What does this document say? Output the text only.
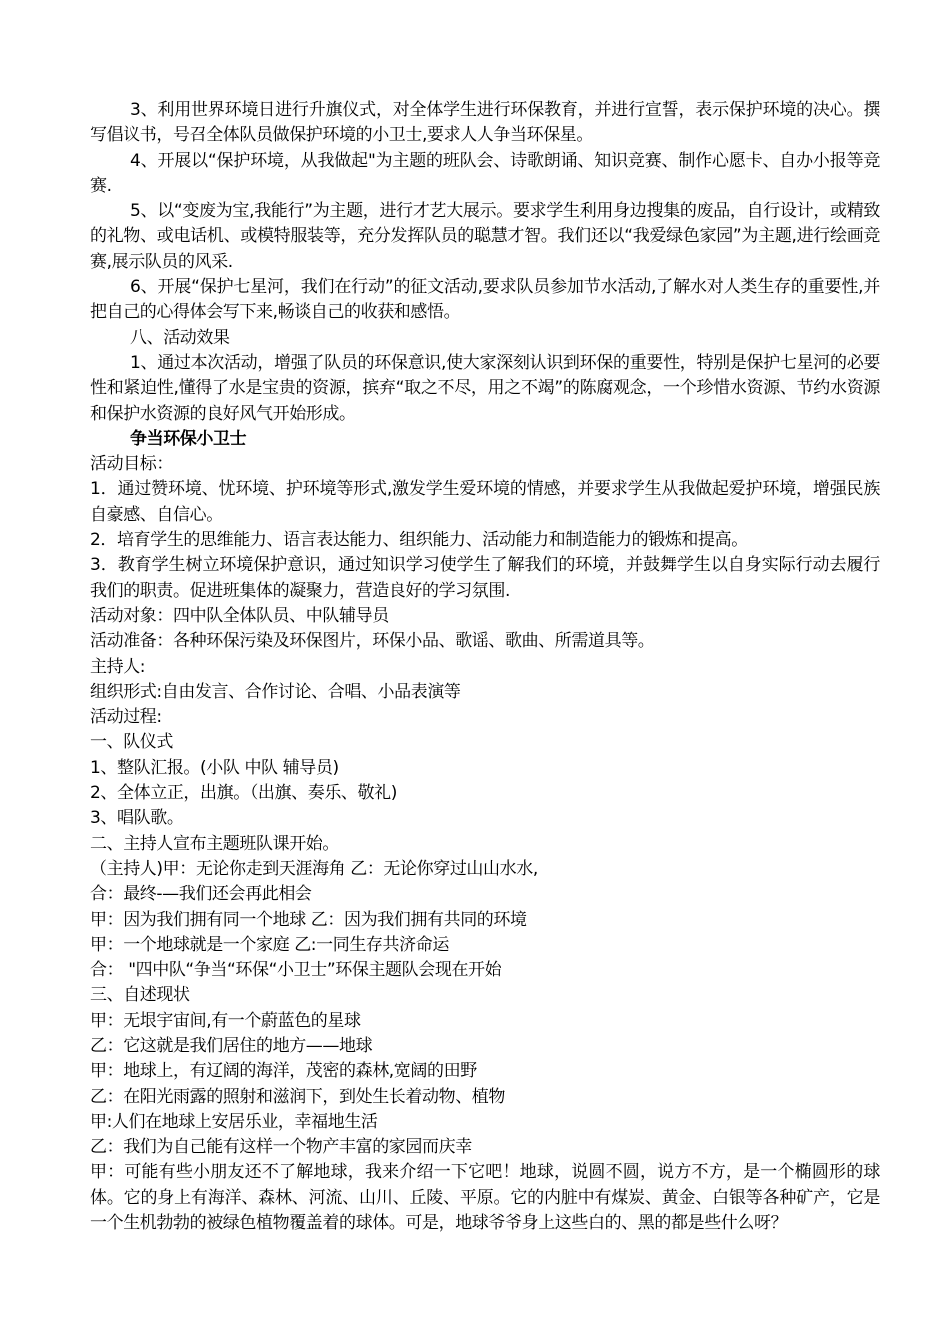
3、利用世界环境日进行升旗仪式，对全体学生进行环保教育，并进行宣誓，表示保护环境的决心。撰写倡议书，号召全体队员做保护环境的小卫士,要求人人争当环保星。

4、开展以“保护环境，从我做起"为主题的班队会、诗歌朗诵、知识竞赛、制作心愿卡、自办小报等竞赛.

5、以“变废为宝,我能行”为主题，进行才艺大展示。要求学生利用身边搜集的废品，自行设计，或精致的礼物、或电话机、或模特服装等，充分发挥队员的聪慧才智。我们还以“我爱绿色家园”为主题,进行绘画竞赛,展示队员的风采.

6、开展“保护七星河，我们在行动”的征文活动,要求队员参加节水活动,了解水对人类生存的重要性,并把自己的心得体会写下来,畅谈自己的收获和感悟。

八、活动效果

1、通过本次活动，增强了队员的环保意识,使大家深刻认识到环保的重要性，特别是保护七星河的必要性和紧迫性,懂得了水是宝贵的资源，摈弃“取之不尽，用之不竭”的陈腐观念，一个珍惜水资源、节约水资源和保护水资源的良好风气开始形成。

争当环保小卫士

活动目标：

1．通过赞环境、忧环境、护环境等形式,激发学生爱环境的情感，并要求学生从我做起爱护环境，增强民族自豪感、自信心。

2．培育学生的思维能力、语言表达能力、组织能力、活动能力和制造能力的锻炼和提高。

3．教育学生树立环境保护意识，通过知识学习使学生了解我们的环境，并鼓舞学生以自身实际行动去履行我们的职责。促进班集体的凝聚力，营造良好的学习氛围.

活动对象：四中队全体队员、中队辅导员

活动准备：各种环保污染及环保图片，环保小品、歌谣、歌曲、所需道具等。

主持人:

组织形式:自由发言、合作讨论、合唱、小品表演等

活动过程:

一、队仪式

1、整队汇报。(小队 中队 辅导员)

2、全体立正，出旗。（出旗、奏乐、敬礼)

3、唱队歌。

二、主持人宣布主题班队课开始。

（主持人)甲：无论你走到天涯海角 乙：无论你穿过山山水水,

合：最终-—我们还会再此相会

甲：因为我们拥有同一个地球 乙：因为我们拥有共同的环境

甲：一个地球就是一个家庭 乙:一同生存共济命运

合： "四中队“争当“环保“小卫士”环保主题队会现在开始

三、自述现状

甲：无垠宇宙间,有一个蔚蓝色的星球

乙：它这就是我们居住的地方——地球

甲：地球上，有辽阔的海洋，茂密的森林,宽阔的田野

乙：在阳光雨露的照射和滋润下，到处生长着动物、植物

甲:人们在地球上安居乐业，幸福地生活

乙：我们为自己能有这样一个物产丰富的家园而庆幸

甲：可能有些小朋友还不了解地球，我来介绍一下它吧！地球，说圆不圆，说方不方，是一个椭圆形的球体。它的身上有海洋、森林、河流、山川、丘陵、平原。它的内脏中有煤炭、黄金、白银等各种矿产，它是一个生机勃勃的被绿色植物覆盖着的球体。可是，地球爷爷身上这些白的、黑的都是些什么呀？
